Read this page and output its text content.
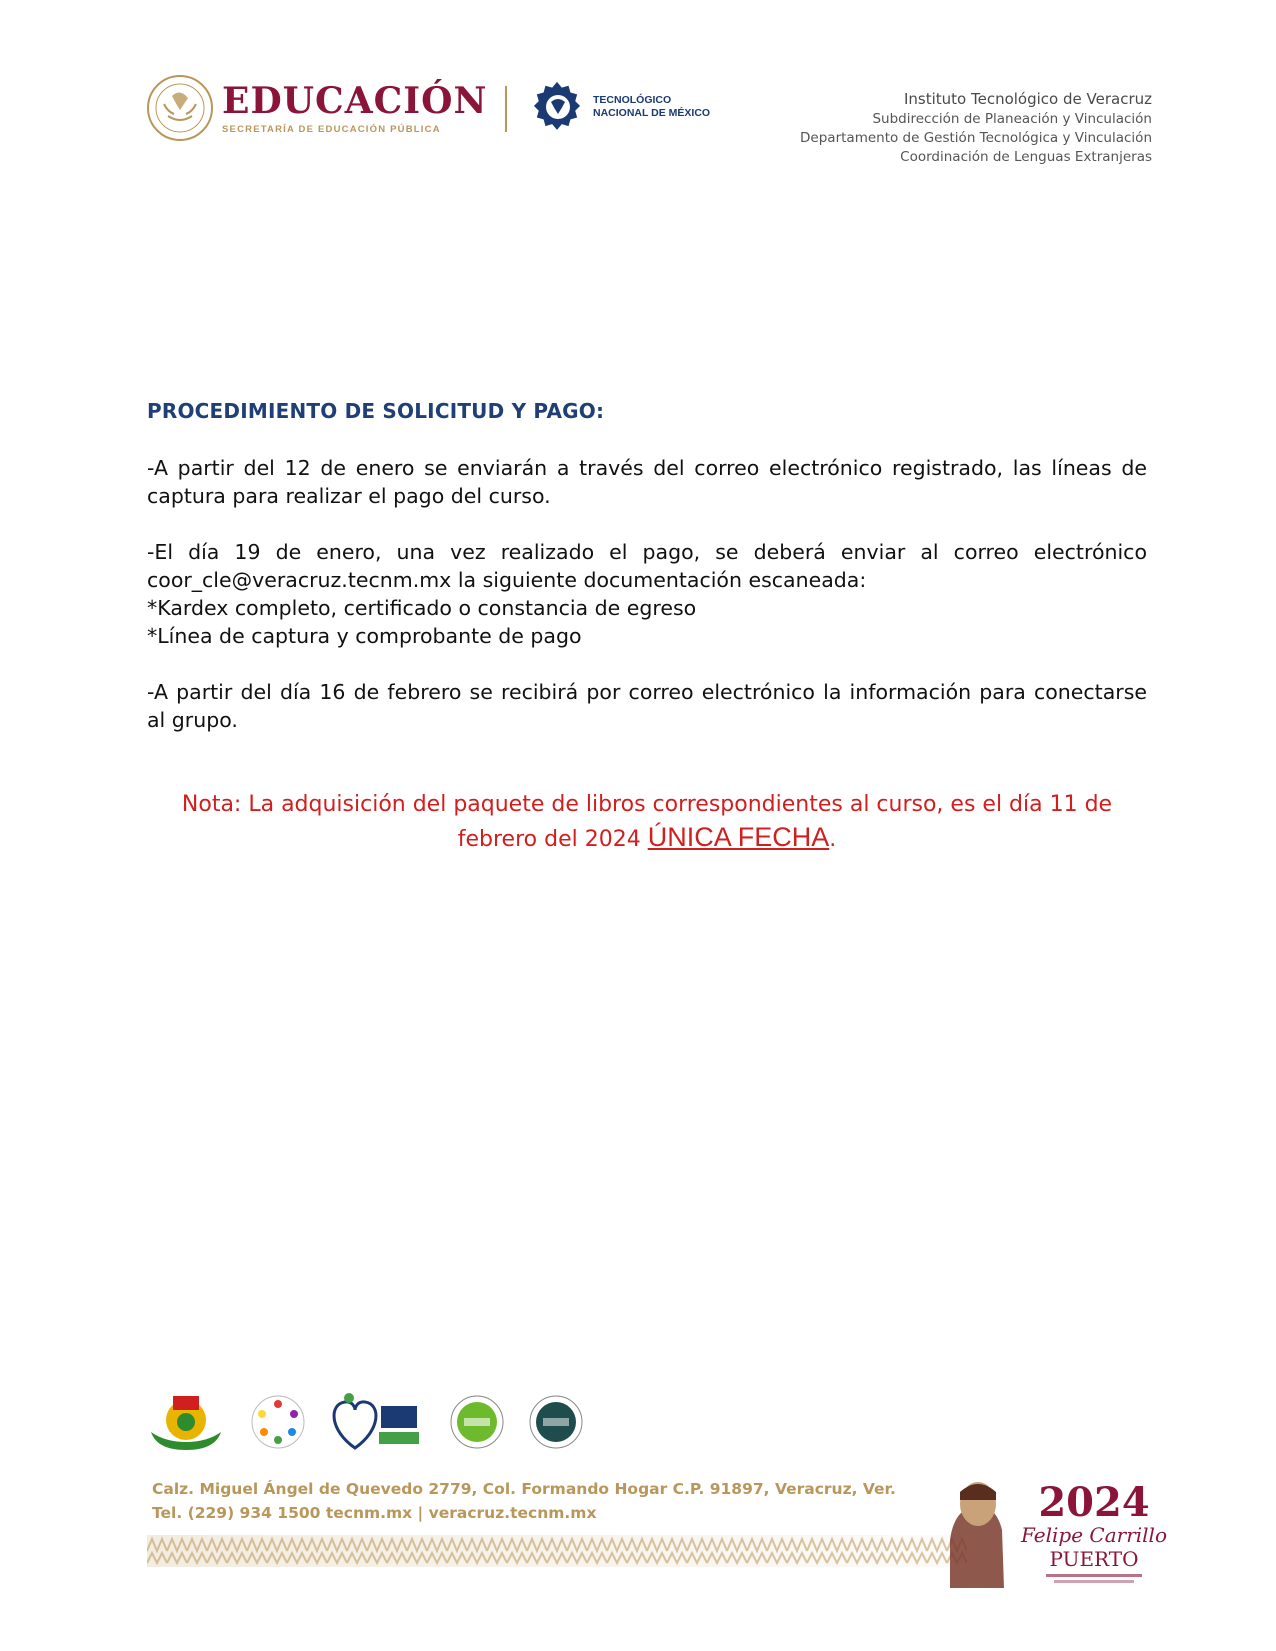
EDUCACIÓN
SECRETARÍA DE EDUCACIÓN PÚBLICA
TECNOLÓGICO
NACIONAL DE MÉXICO
Instituto Tecnológico de Veracruz
Subdirección de Planeación y Vinculación
Departamento de Gestión Tecnológica y Vinculación
Coordinación de Lenguas Extranjeras

PROCEDIMIENTO DE SOLICITUD Y PAGO:

-A partir del 12 de enero se enviarán a través del correo electrónico registrado, las líneas de captura para realizar el pago del curso.

-El día 19 de enero, una vez realizado el pago, se deberá enviar al correo electrónico coor_cle@veracruz.tecnm.mx la siguiente documentación escaneada:
*Kardex completo, certificado o constancia de egreso
*Línea de captura y comprobante de pago

-A partir del día 16 de febrero se recibirá por correo electrónico la información para conectarse al grupo.

Nota: La adquisición del paquete de libros correspondientes al curso, es el día 11 de febrero del 2024 ÚNICA FECHA.
Calz. Miguel Ángel de Quevedo 2779, Col. Formando Hogar C.P. 91897, Veracruz, Ver.
Tel. (229) 934 1500 tecnm.mx | veracruz.tecnm.mx	2024
Felipe Carrillo
PUERTO
